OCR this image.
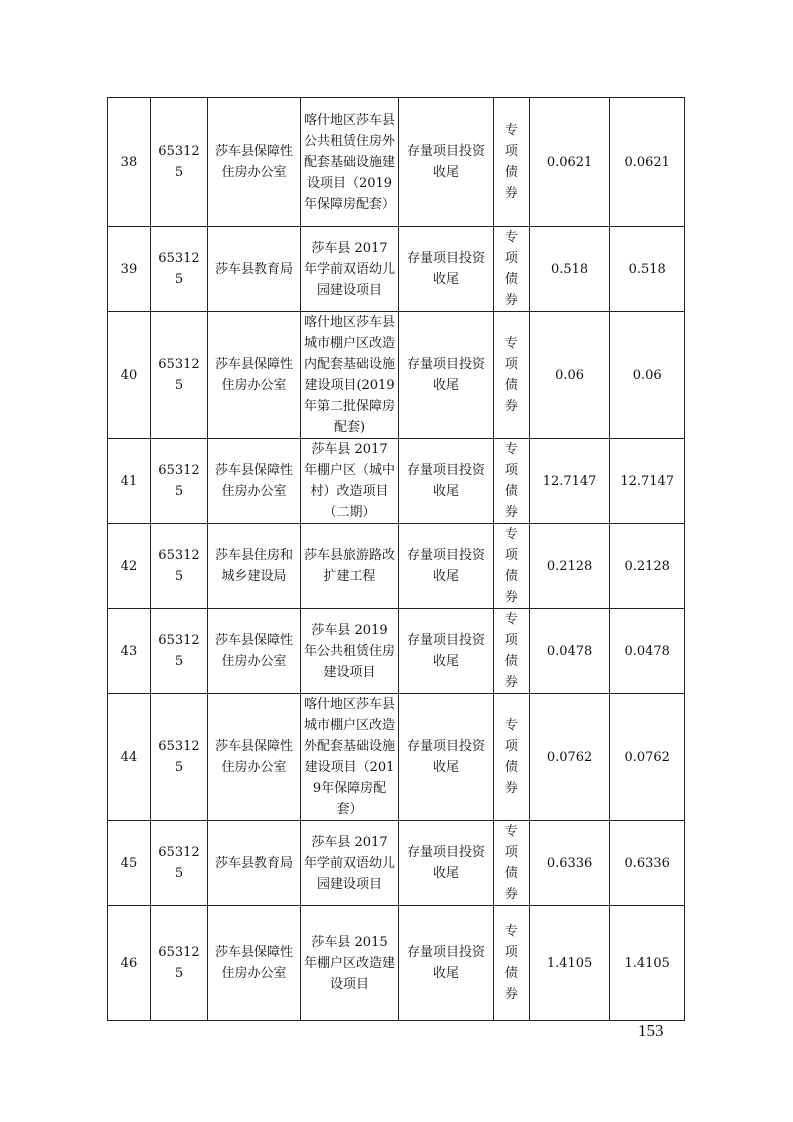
38	65312
5	莎车县保障性住房办公室	喀什地区莎车县公共租赁住房外配套基础设施建设项目（2019年保障房配套）	存量项目投资收尾	专
项
债
券	0.0621	0.0621
39	65312
5	莎车县教育局	莎车县 2017 年学前双语幼儿园建设项目	存量项目投资收尾	专
项
债
券	0.518	0.518
40	65312
5	莎车县保障性住房办公室	喀什地区莎车县城市棚户区改造内配套基础设施建设项目(2019年第二批保障房配套)	存量项目投资收尾	专
项
债
券	0.06	0.06
41	65312
5	莎车县保障性住房办公室	莎车县 2017 年棚户区（城中村）改造项目（二期）	存量项目投资收尾	专
项
债
券	12.7147	12.7147
42	65312
5	莎车县住房和城乡建设局	莎车县旅游路改扩建工程	存量项目投资收尾	专
项
债
券	0.2128	0.2128
43	65312
5	莎车县保障性住房办公室	莎车县 2019 年公共租赁住房建设项目	存量项目投资收尾	专
项
债
券	0.0478	0.0478
44	65312
5	莎车县保障性住房办公室	喀什地区莎车县城市棚户区改造外配套基础设施建设项目（2019年保障房配套）	存量项目投资收尾	专
项
债
券	0.0762	0.0762
45	65312
5	莎车县教育局	莎车县 2017 年学前双语幼儿园建设项目	存量项目投资收尾	专
项
债
券	0.6336	0.6336
46	65312
5	莎车县保障性住房办公室	莎车县 2015 年棚户区改造建设项目	存量项目投资收尾	专
项
债
券	1.4105	1.4105
153
